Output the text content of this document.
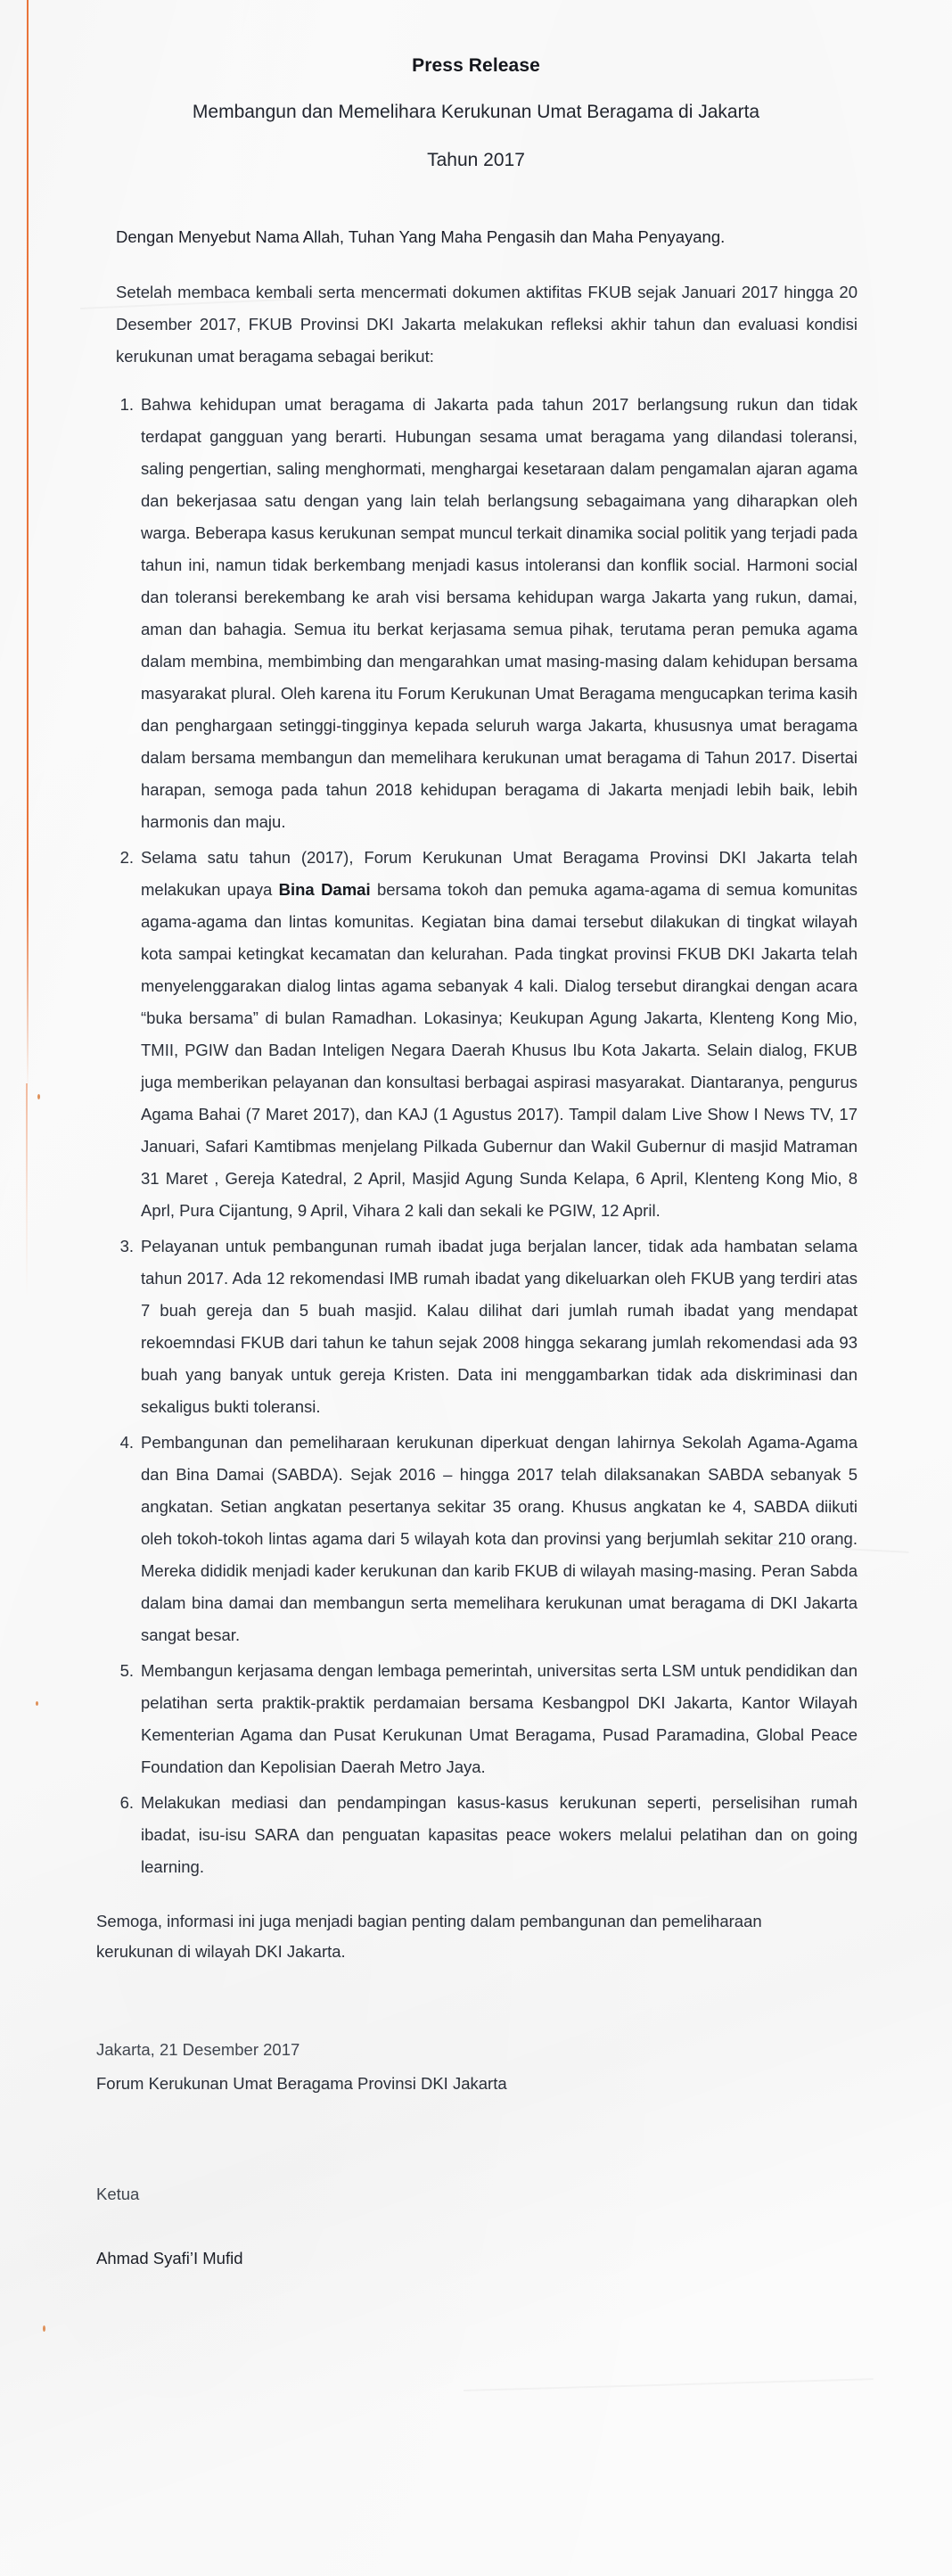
Press Release
Membangun dan Memelihara Kerukunan Umat Beragama di Jakarta
Tahun 2017

Dengan Menyebut Nama Allah, Tuhan Yang Maha Pengasih dan Maha Penyayang.

Setelah membaca kembali serta mencermati dokumen aktifitas FKUB sejak Januari 2017 hingga 20 Desember 2017, FKUB Provinsi DKI Jakarta melakukan refleksi akhir tahun dan evaluasi kondisi kerukunan umat beragama sebagai berikut:

1. Bahwa kehidupan umat beragama di Jakarta pada tahun 2017 berlangsung rukun dan tidak terdapat gangguan yang berarti. Hubungan sesama umat beragama yang dilandasi toleransi, saling pengertian, saling menghormati, menghargai kesetaraan dalam pengamalan ajaran agama dan bekerjasaa satu dengan yang lain telah berlangsung sebagaimana yang diharapkan oleh warga. Beberapa kasus kerukunan sempat muncul terkait dinamika social politik yang terjadi pada tahun ini, namun tidak berkembang menjadi kasus intoleransi dan konflik social. Harmoni social dan toleransi berekembang ke arah visi bersama kehidupan warga Jakarta yang rukun, damai, aman dan bahagia. Semua itu berkat kerjasama semua pihak, terutama peran pemuka agama dalam membina, membimbing dan mengarahkan umat masing-masing dalam kehidupan bersama masyarakat plural. Oleh karena itu Forum Kerukunan Umat Beragama mengucapkan terima kasih dan penghargaan setinggi-tingginya kepada seluruh warga Jakarta, khususnya umat beragama dalam bersama membangun dan memelihara kerukunan umat beragama di Tahun 2017. Disertai harapan, semoga pada tahun 2018 kehidupan beragama di Jakarta menjadi lebih baik, lebih harmonis dan maju.
2. Selama satu tahun (2017), Forum Kerukunan Umat Beragama Provinsi DKI Jakarta telah melakukan upaya Bina Damai bersama tokoh dan pemuka agama-agama di semua komunitas agama-agama dan lintas komunitas. Kegiatan bina damai tersebut dilakukan di tingkat wilayah kota sampai ketingkat kecamatan dan kelurahan. Pada tingkat provinsi FKUB DKI Jakarta telah menyelenggarakan dialog lintas agama sebanyak 4 kali. Dialog tersebut dirangkai dengan acara “buka bersama” di bulan Ramadhan. Lokasinya; Keukupan Agung Jakarta, Klenteng Kong Mio, TMII, PGIW dan Badan Inteligen Negara Daerah Khusus Ibu Kota Jakarta. Selain dialog, FKUB juga memberikan pelayanan dan konsultasi berbagai aspirasi masyarakat. Diantaranya, pengurus Agama Bahai (7 Maret 2017), dan KAJ (1 Agustus 2017). Tampil dalam Live Show I News TV, 17 Januari, Safari Kamtibmas menjelang Pilkada Gubernur dan Wakil Gubernur di masjid Matraman 31 Maret , Gereja Katedral, 2 April, Masjid Agung Sunda Kelapa, 6 April, Klenteng Kong Mio, 8 Aprl, Pura Cijantung, 9 April, Vihara 2 kali dan sekali ke PGIW, 12 April.
3. Pelayanan untuk pembangunan rumah ibadat juga berjalan lancer, tidak ada hambatan selama tahun 2017. Ada 12 rekomendasi IMB rumah ibadat yang dikeluarkan oleh FKUB yang terdiri atas 7 buah gereja dan 5 buah masjid. Kalau dilihat dari jumlah rumah ibadat yang mendapat rekoemndasi FKUB dari tahun ke tahun sejak 2008 hingga sekarang jumlah rekomendasi ada 93 buah yang banyak untuk gereja Kristen. Data ini menggambarkan tidak ada diskriminasi dan sekaligus bukti toleransi.
4. Pembangunan dan pemeliharaan kerukunan diperkuat dengan lahirnya Sekolah Agama-Agama dan Bina Damai (SABDA). Sejak 2016 – hingga 2017 telah dilaksanakan SABDA sebanyak 5 angkatan. Setian angkatan pesertanya sekitar 35 orang. Khusus angkatan ke 4, SABDA diikuti oleh tokoh-tokoh lintas agama dari 5 wilayah kota dan provinsi yang berjumlah sekitar 210 orang. Mereka dididik menjadi kader kerukunan dan karib FKUB di wilayah masing-masing. Peran Sabda dalam bina damai dan membangun serta memelihara kerukunan umat beragama di DKI Jakarta sangat besar.
5. Membangun kerjasama dengan lembaga pemerintah, universitas serta LSM untuk pendidikan dan pelatihan serta praktik-praktik perdamaian bersama Kesbangpol DKI Jakarta, Kantor Wilayah Kementerian Agama dan Pusat Kerukunan Umat Beragama, Pusad Paramadina, Global Peace Foundation dan Kepolisian Daerah Metro Jaya.
6. Melakukan mediasi dan pendampingan kasus-kasus kerukunan seperti, perselisihan rumah ibadat, isu-isu SARA dan penguatan kapasitas peace wokers melalui pelatihan dan on going learning.

Semoga, informasi ini juga menjadi bagian penting dalam pembangunan dan pemeliharaan kerukunan di wilayah DKI Jakarta.

Jakarta, 21 Desember 2017
Forum Kerukunan Umat Beragama Provinsi DKI Jakarta
Ketua
Ahmad Syafi’I Mufid
